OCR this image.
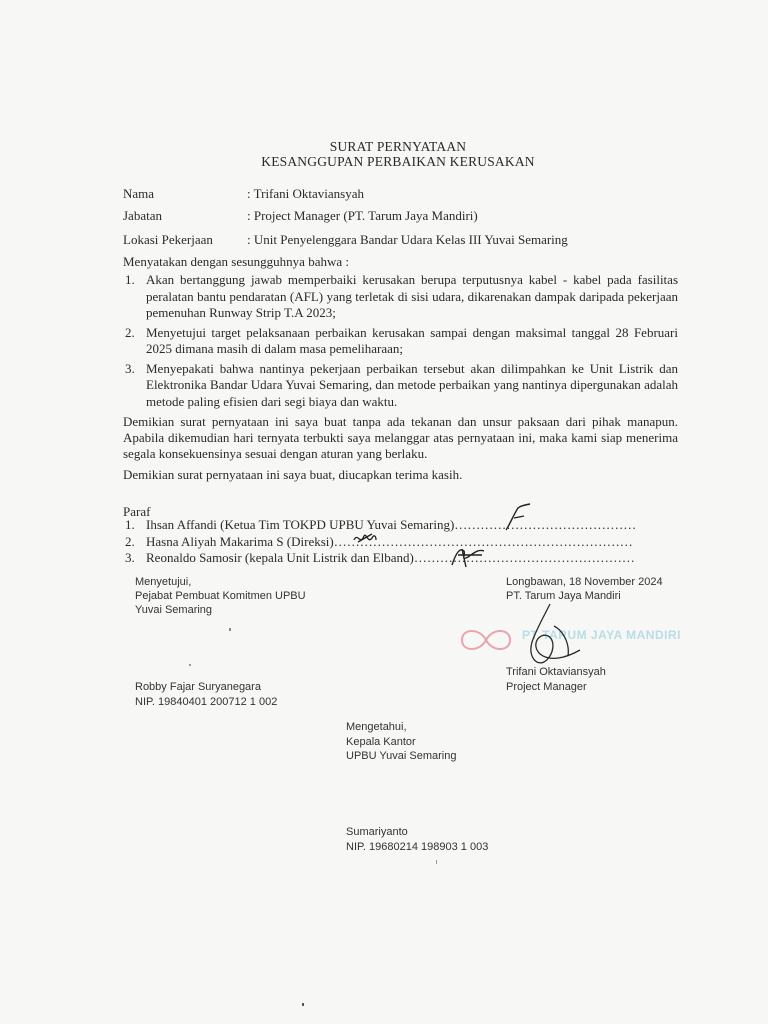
SURAT PERNYATAAN
KESANGGUPAN PERBAIKAN KERUSAKAN
Nama	: Trifani Oktaviansyah
Jabatan	: Project Manager (PT. Tarum Jaya Mandiri)
Lokasi Pekerjaan	: Unit Penyelenggara Bandar Udara Kelas III Yuvai Semaring
Menyatakan dengan sesungguhnya bahwa :
1. Akan bertanggung jawab memperbaiki kerusakan berupa terputusnya kabel - kabel pada fasilitas peralatan bantu pendaratan (AFL) yang terletak di sisi udara, dikarenakan dampak daripada pekerjaan pemenuhan Runway Strip T.A 2023;
2. Menyetujui target pelaksanaan perbaikan kerusakan sampai dengan maksimal tanggal 28 Februari 2025 dimana masih di dalam masa pemeliharaan;
3. Menyepakati bahwa nantinya pekerjaan perbaikan tersebut akan dilimpahkan ke Unit Listrik dan Elektronika Bandar Udara Yuvai Semaring, dan metode perbaikan yang nantinya dipergunakan adalah metode paling efisien dari segi biaya dan waktu.
Demikian surat pernyataan ini saya buat tanpa ada tekanan dan unsur paksaan dari pihak manapun. Apabila dikemudian hari ternyata terbukti saya melanggar atas pernyataan ini, maka kami siap menerima segala konsekuensinya sesuai dengan aturan yang berlaku.
Demikian surat pernyataan ini saya buat, diucapkan terima kasih.
Paraf
1. Ihsan Affandi (Ketua Tim TOKPD UPBU Yuvai Semaring)……………………………………
2. Hasna Aliyah Makarima S (Direksi)……………………………………………………………
3. Reonaldo Samosir (kepala Unit Listrik dan Elband)……………………………………………
Menyetujui,
Pejabat Pembuat Komitmen UPBU
Yuvai Semaring
Robby Fajar Suryanegara
NIP. 19840401 200712 1 002
Longbawan, 18 November 2024
PT. Tarum Jaya Mandiri
PT TARUM JAYA MANDIRI
Trifani Oktaviansyah
Project Manager
Mengetahui,
Kepala Kantor
UPBU Yuvai Semaring
Sumariyanto
NIP. 19680214 198903 1 003
